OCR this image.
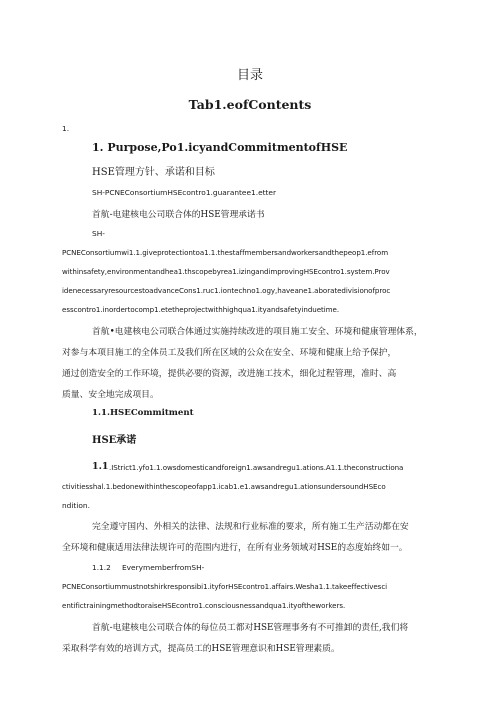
目录
Tab1.eofContents
1.
1. Purpose,Po1.icyandCommitmentofHSE
HSE管理方针、承诺和目标
SH-PCNEConsortiumHSEcontro1.guarantee1.etter
首航-电建核电公司联合体的HSE管理承诺书
SH-
PCNEConsortiumwi1.1.giveprotectiontoa1.1.thestaffmembersandworkersandthepeop1.efrom
withinsafety,environmentandhea1.thscopebyrea1.izingandimprovingHSEcontro1.system.Prov
idenecessaryresourcestoadvanceCons1.ruc1.iontechno1.ogy,haveane1.aboratedivisionofproc
esscontro1.inordertocomp1.etetheprojectwithhighqua1.ityandsafetyinduetime.
首航•电建核电公司联合体通过实施持续改进的项目施工安全、环境和健康管理体系，
对参与本项目施工的全体员工及我们所在区域的公众在安全、环境和健康上给予保护，
通过创造安全的工作环境，提供必要的资源，改进施工技术，细化过程管理，准时、高
质量、安全地完成项目。
1.1.HSECommitment
HSE承诺
1.1 .IStrict1.yfo1.1.owsdomesticandforeign1.awsandregu1.ations.A1.1.theconstructiona
ctivitiesshal.1.bedonewithinthescopeofapp1.icab1.e1.awsandregu1.ationsundersoundHSEco
ndition.
完全遵守国内、外相关的法律、法规和行业标准的要求，所有施工生产活动都在安
全环境和健康适用法律法规许可的范围内进行，在所有业务领域对HSE的态度始终如一。
1.1.2 EverymemberfromSH-
PCNEConsortiummustnotshirkresponsibi1.ityforHSEcontro1.affairs.Wesha1.1.takeeffectivesci
entifictrainingmethodtoraiseHSEcontro1.consciousnessandqua1.ityoftheworkers.
首航-电建核电公司联合体的每位员工都对HSE管理事务有不可推卸的责任,我们将
采取科学有效的培训方式，提高员工的HSE管理意识和HSE管理素质。
